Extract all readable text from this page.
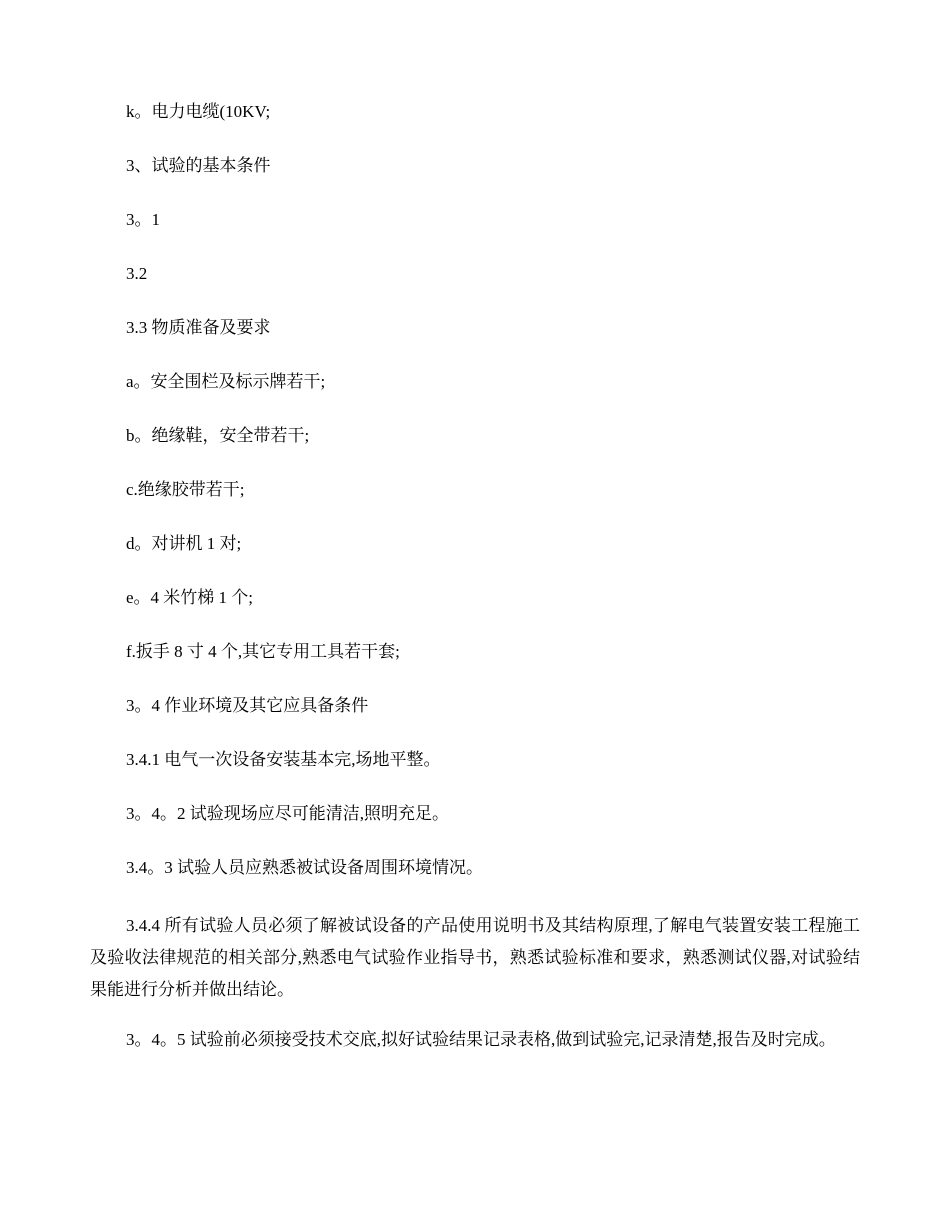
k。电力电缆(10KV;
3、试验的基本条件
3。1
3.2
3.3 物质准备及要求
a。安全围栏及标示牌若干;
b。绝缘鞋，安全带若干;
c.绝缘胶带若干;
d。对讲机 1 对;
e。4 米竹梯 1 个;
f.扳手 8 寸 4 个,其它专用工具若干套;
3。4 作业环境及其它应具备条件
3.4.1 电气一次设备安装基本完,场地平整。
3。4。2 试验现场应尽可能清洁,照明充足。
3.4。3 试验人员应熟悉被试设备周围环境情况。

3.4.4 所有试验人员必须了解被试设备的产品使用说明书及其结构原理,了解电气装置安装工程施工及验收法律规范的相关部分,熟悉电气试验作业指导书，熟悉试验标准和要求，熟悉测试仪器,对试验结果能进行分析并做出结论。

3。4。5 试验前必须接受技术交底,拟好试验结果记录表格,做到试验完,记录清楚,报告及时完成。
